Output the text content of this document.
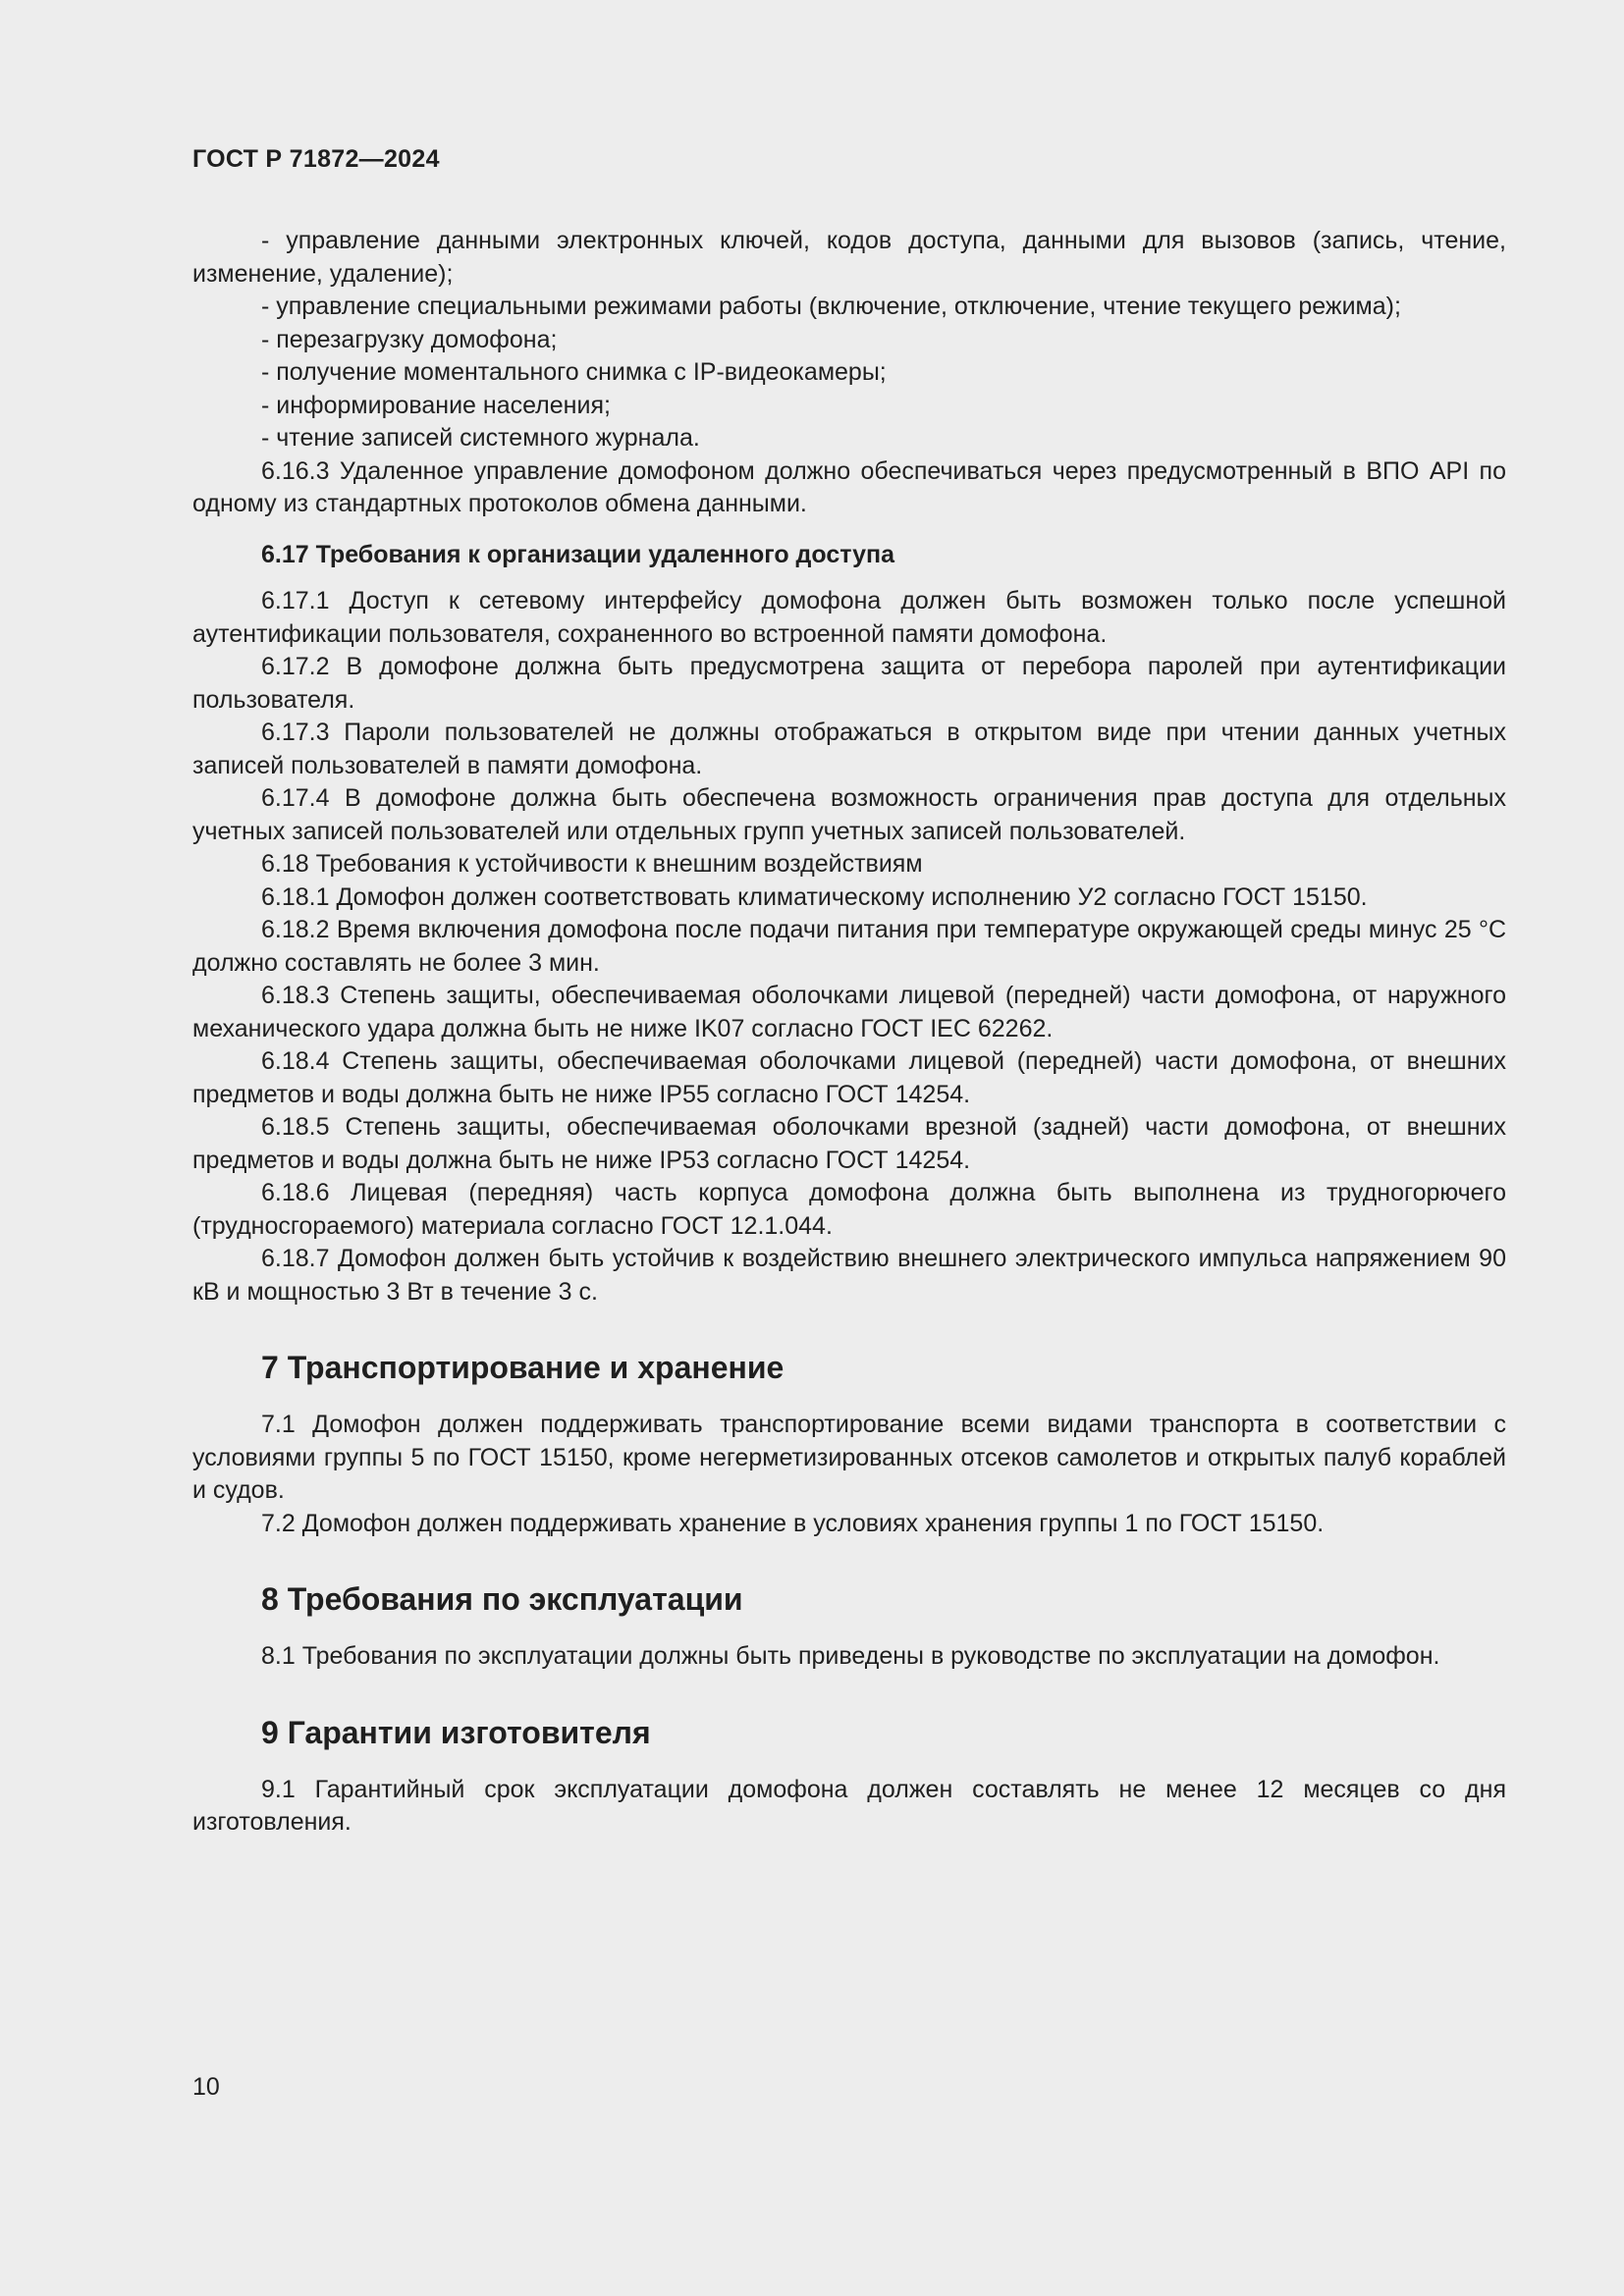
ГОСТ Р 71872—2024

- управление данными электронных ключей, кодов доступа, данными для вызовов (запись, чтение, изменение, удаление);

- управление специальными режимами работы (включение, отключение, чтение текущего режима);

- перезагрузку домофона;

- получение моментального снимка с IP-видеокамеры;

- информирование населения;

- чтение записей системного журнала.

6.16.3 Удаленное управление домофоном должно обеспечиваться через предусмотренный в ВПО API по одному из стандартных протоколов обмена данными.

6.17 Требования к организации удаленного доступа

6.17.1 Доступ к сетевому интерфейсу домофона должен быть возможен только после успешной аутентификации пользователя, сохраненного во встроенной памяти домофона.

6.17.2 В домофоне должна быть предусмотрена защита от перебора паролей при аутентификации пользователя.

6.17.3 Пароли пользователей не должны отображаться в открытом виде при чтении данных учетных записей пользователей в памяти домофона.

6.17.4 В домофоне должна быть обеспечена возможность ограничения прав доступа для отдельных учетных записей пользователей или отдельных групп учетных записей пользователей.

6.18 Требования к устойчивости к внешним воздействиям

6.18.1 Домофон должен соответствовать климатическому исполнению У2 согласно ГОСТ 15150.

6.18.2 Время включения домофона после подачи питания при температуре окружающей среды минус 25 °С должно составлять не более 3 мин.

6.18.3 Степень защиты, обеспечиваемая оболочками лицевой (передней) части домофона, от наружного механического удара должна быть не ниже IK07 согласно ГОСТ IEC 62262.

6.18.4 Степень защиты, обеспечиваемая оболочками лицевой (передней) части домофона, от внешних предметов и воды должна быть не ниже IP55 согласно ГОСТ 14254.

6.18.5 Степень защиты, обеспечиваемая оболочками врезной (задней) части домофона, от внешних предметов и воды должна быть не ниже IP53 согласно ГОСТ 14254.

6.18.6 Лицевая (передняя) часть корпуса домофона должна быть выполнена из трудногорючего (трудносгораемого) материала согласно ГОСТ 12.1.044.

6.18.7 Домофон должен быть устойчив к воздействию внешнего электрического импульса напряжением 90 кВ и мощностью 3 Вт в течение 3 с.

7 Транспортирование и хранение

7.1 Домофон должен поддерживать транспортирование всеми видами транспорта в соответствии с условиями группы 5 по ГОСТ 15150, кроме негерметизированных отсеков самолетов и открытых палуб кораблей и судов.

7.2 Домофон должен поддерживать хранение в условиях хранения группы 1 по ГОСТ 15150.

8 Требования по эксплуатации

8.1 Требования по эксплуатации должны быть приведены в руководстве по эксплуатации на домофон.

9 Гарантии изготовителя

9.1 Гарантийный срок эксплуатации домофона должен составлять не менее 12 месяцев со дня изготовления.

10
